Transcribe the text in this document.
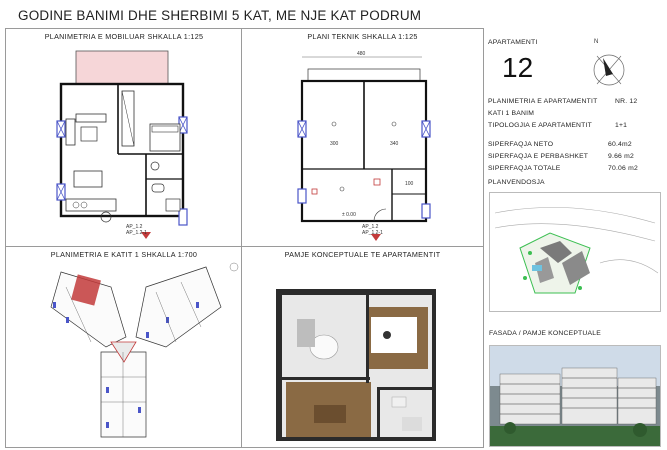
GODINE BANIMI DHE SHERBIMI 5 KAT, ME NJE KAT PODRUM
PLANIMETRIA E MOBILUAR SHKALLA 1:125
AP_1.2
AP_1.2-1
PLANI TEKNIK SHKALLA 1:125
480
300	340
100
± 0.00
AP_1.2
AP_1.2-1
APARTAMENTI
12
N
PLANIMETRIA E APARTAMENTIT	NR. 12
KATI 1 BANIM
TIPOLOGJIA E APARTAMENTIT	1+1
SIPERFAQJA NETO	60.4m2
SIPERFAQJA E PERBASHKET	9.66 m2
SIPERFAQJA TOTALE	70.06 m2
PLANVENDOSJA
PLANIMETRIA E KATIT 1 SHKALLA 1:700	PAMJE KONCEPTUALE TE APARTAMENTIT
FASADA / PAMJE KONCEPTUALE
